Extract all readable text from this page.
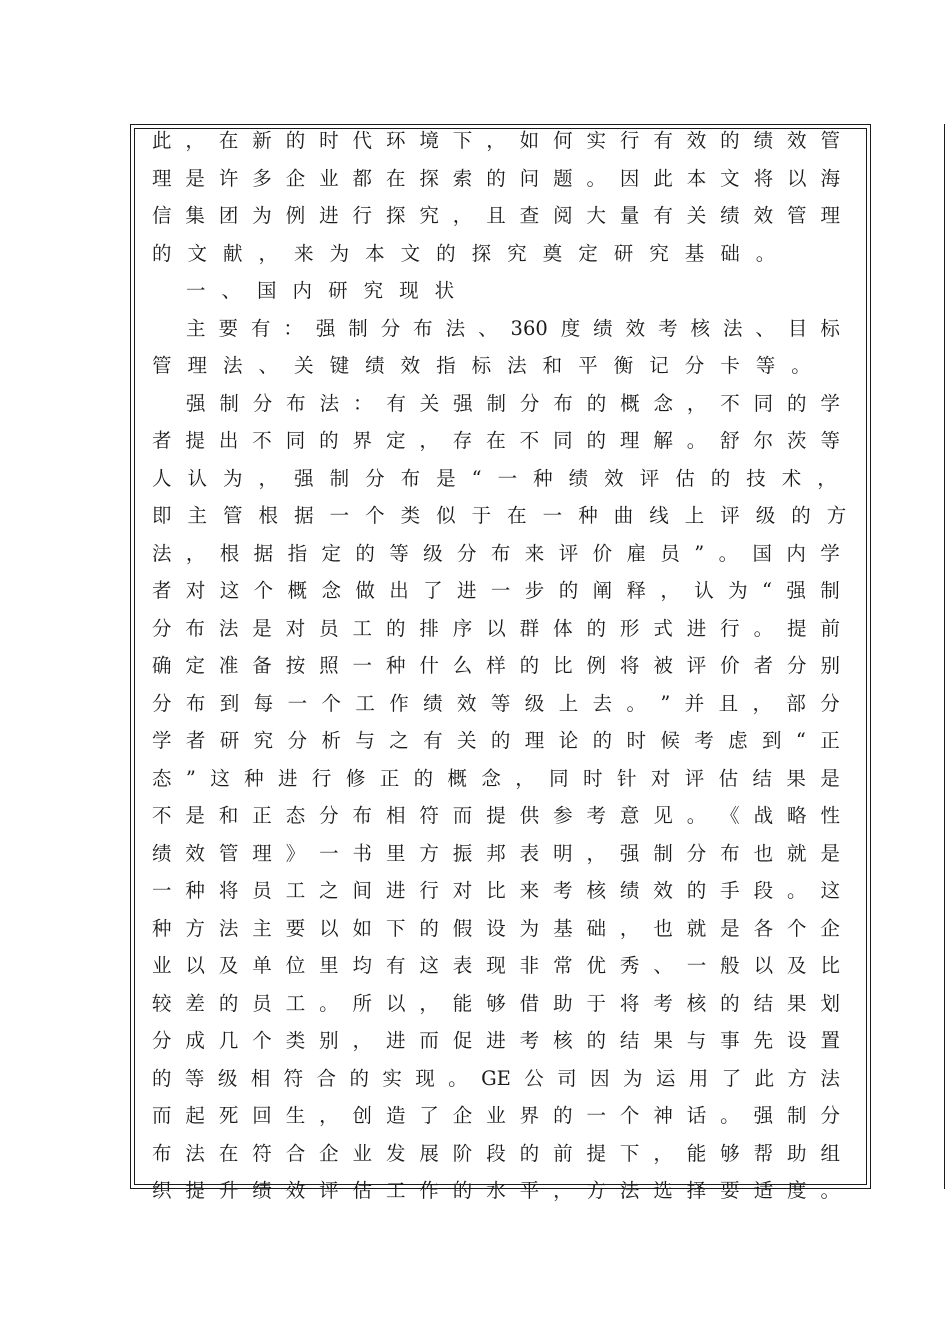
此 ， 在 新 的 时 代 环 境 下 ， 如 何 实 行 有 效 的 绩 效 管
理 是 许 多 企 业 都 在 探 索 的 问 题 。 因 此 本 文 将 以 海
信 集 团 为 例 进 行 探 究 ， 且 查 阅 大 量 有 关 绩 效 管 理
的 文 献 ， 来 为 本 文 的 探 究 奠 定 研 究 基 础 。
一 、 国 内 研 究 现 状
主 要 有 ： 强 制 分 布 法 、 360 度 绩 效 考 核 法 、 目 标
管 理 法 、 关 键 绩 效 指 标 法 和 平 衡 记 分 卡 等 。
强 制 分 布 法 ： 有 关 强 制 分 布 的 概 念 ， 不 同 的 学
者 提 出 不 同 的 界 定 ， 存 在 不 同 的 理 解 。 舒 尔 茨 等
人 认 为 ， 强 制 分 布 是 “ 一 种 绩 效 评 估 的 技 术 ，
即 主 管 根 据 一 个 类 似 于 在 一 种 曲 线 上 评 级 的 方
法 ， 根 据 指 定 的 等 级 分 布 来 评 价 雇 员 ” 。 国 内 学
者 对 这 个 概 念 做 出 了 进 一 步 的 阐 释 ， 认 为 “ 强 制
分 布 法 是 对 员 工 的 排 序 以 群 体 的 形 式 进 行 。 提 前
确 定 准 备 按 照 一 种 什 么 样 的 比 例 将 被 评 价 者 分 别
分 布 到 每 一 个 工 作 绩 效 等 级 上 去 。 ” 并 且 ， 部 分
学 者 研 究 分 析 与 之 有 关 的 理 论 的 时 候 考 虑 到 “ 正
态 ” 这 种 进 行 修 正 的 概 念 ， 同 时 针 对 评 估 结 果 是
不 是 和 正 态 分 布 相 符 而 提 供 参 考 意 见 。 《 战 略 性
绩 效 管 理 》 一 书 里 方 振 邦 表 明 ， 强 制 分 布 也 就 是
一 种 将 员 工 之 间 进 行 对 比 来 考 核 绩 效 的 手 段 。 这
种 方 法 主 要 以 如 下 的 假 设 为 基 础 ， 也 就 是 各 个 企
业 以 及 单 位 里 均 有 这 表 现 非 常 优 秀 、 一 般 以 及 比
较 差 的 员 工 。 所 以 ， 能 够 借 助 于 将 考 核 的 结 果 划
分 成 几 个 类 别 ， 进 而 促 进 考 核 的 结 果 与 事 先 设 置
的 等 级 相 符 合 的 实 现 。 GE 公 司 因 为 运 用 了 此 方 法
而 起 死 回 生 ， 创 造 了 企 业 界 的 一 个 神 话 。 强 制 分
布 法 在 符 合 企 业 发 展 阶 段 的 前 提 下 ， 能 够 帮 助 组
织 提 升 绩 效 评 估 工 作 的 水 平 ， 方 法 选 择 要 适 度 。
